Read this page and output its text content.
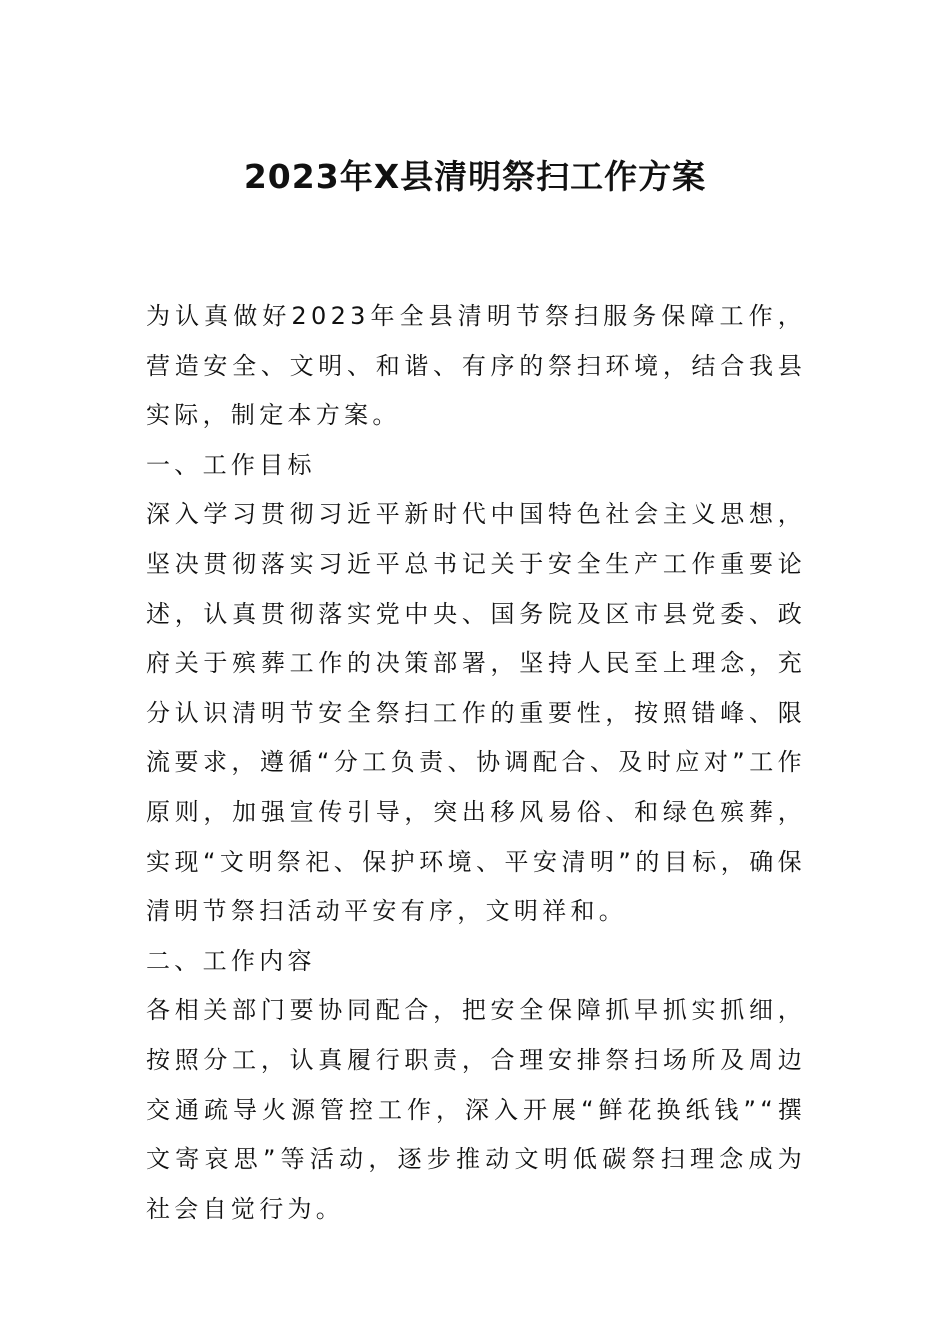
2023年X县清明祭扫工作方案

为认真做好2023年全县清明节祭扫服务保障工作，营造安全、文明、和谐、有序的祭扫环境，结合我县实际，制定本方案。

一、工作目标

深入学习贯彻习近平新时代中国特色社会主义思想，坚决贯彻落实习近平总书记关于安全生产工作重要论述，认真贯彻落实党中央、国务院及区市县党委、政府关于殡葬工作的决策部署，坚持人民至上理念，充分认识清明节安全祭扫工作的重要性，按照错峰、限流要求，遵循“分工负责、协调配合、及时应对”工作原则，加强宣传引导，突出移风易俗、和绿色殡葬，实现“文明祭祀、保护环境、平安清明”的目标，确保清明节祭扫活动平安有序，文明祥和。

二、工作内容

各相关部门要协同配合，把安全保障抓早抓实抓细，按照分工，认真履行职责，合理安排祭扫场所及周边交通疏导火源管控工作，深入开展“鲜花换纸钱”“撰文寄哀思”等活动，逐步推动文明低碳祭扫理念成为社会自觉行为。
